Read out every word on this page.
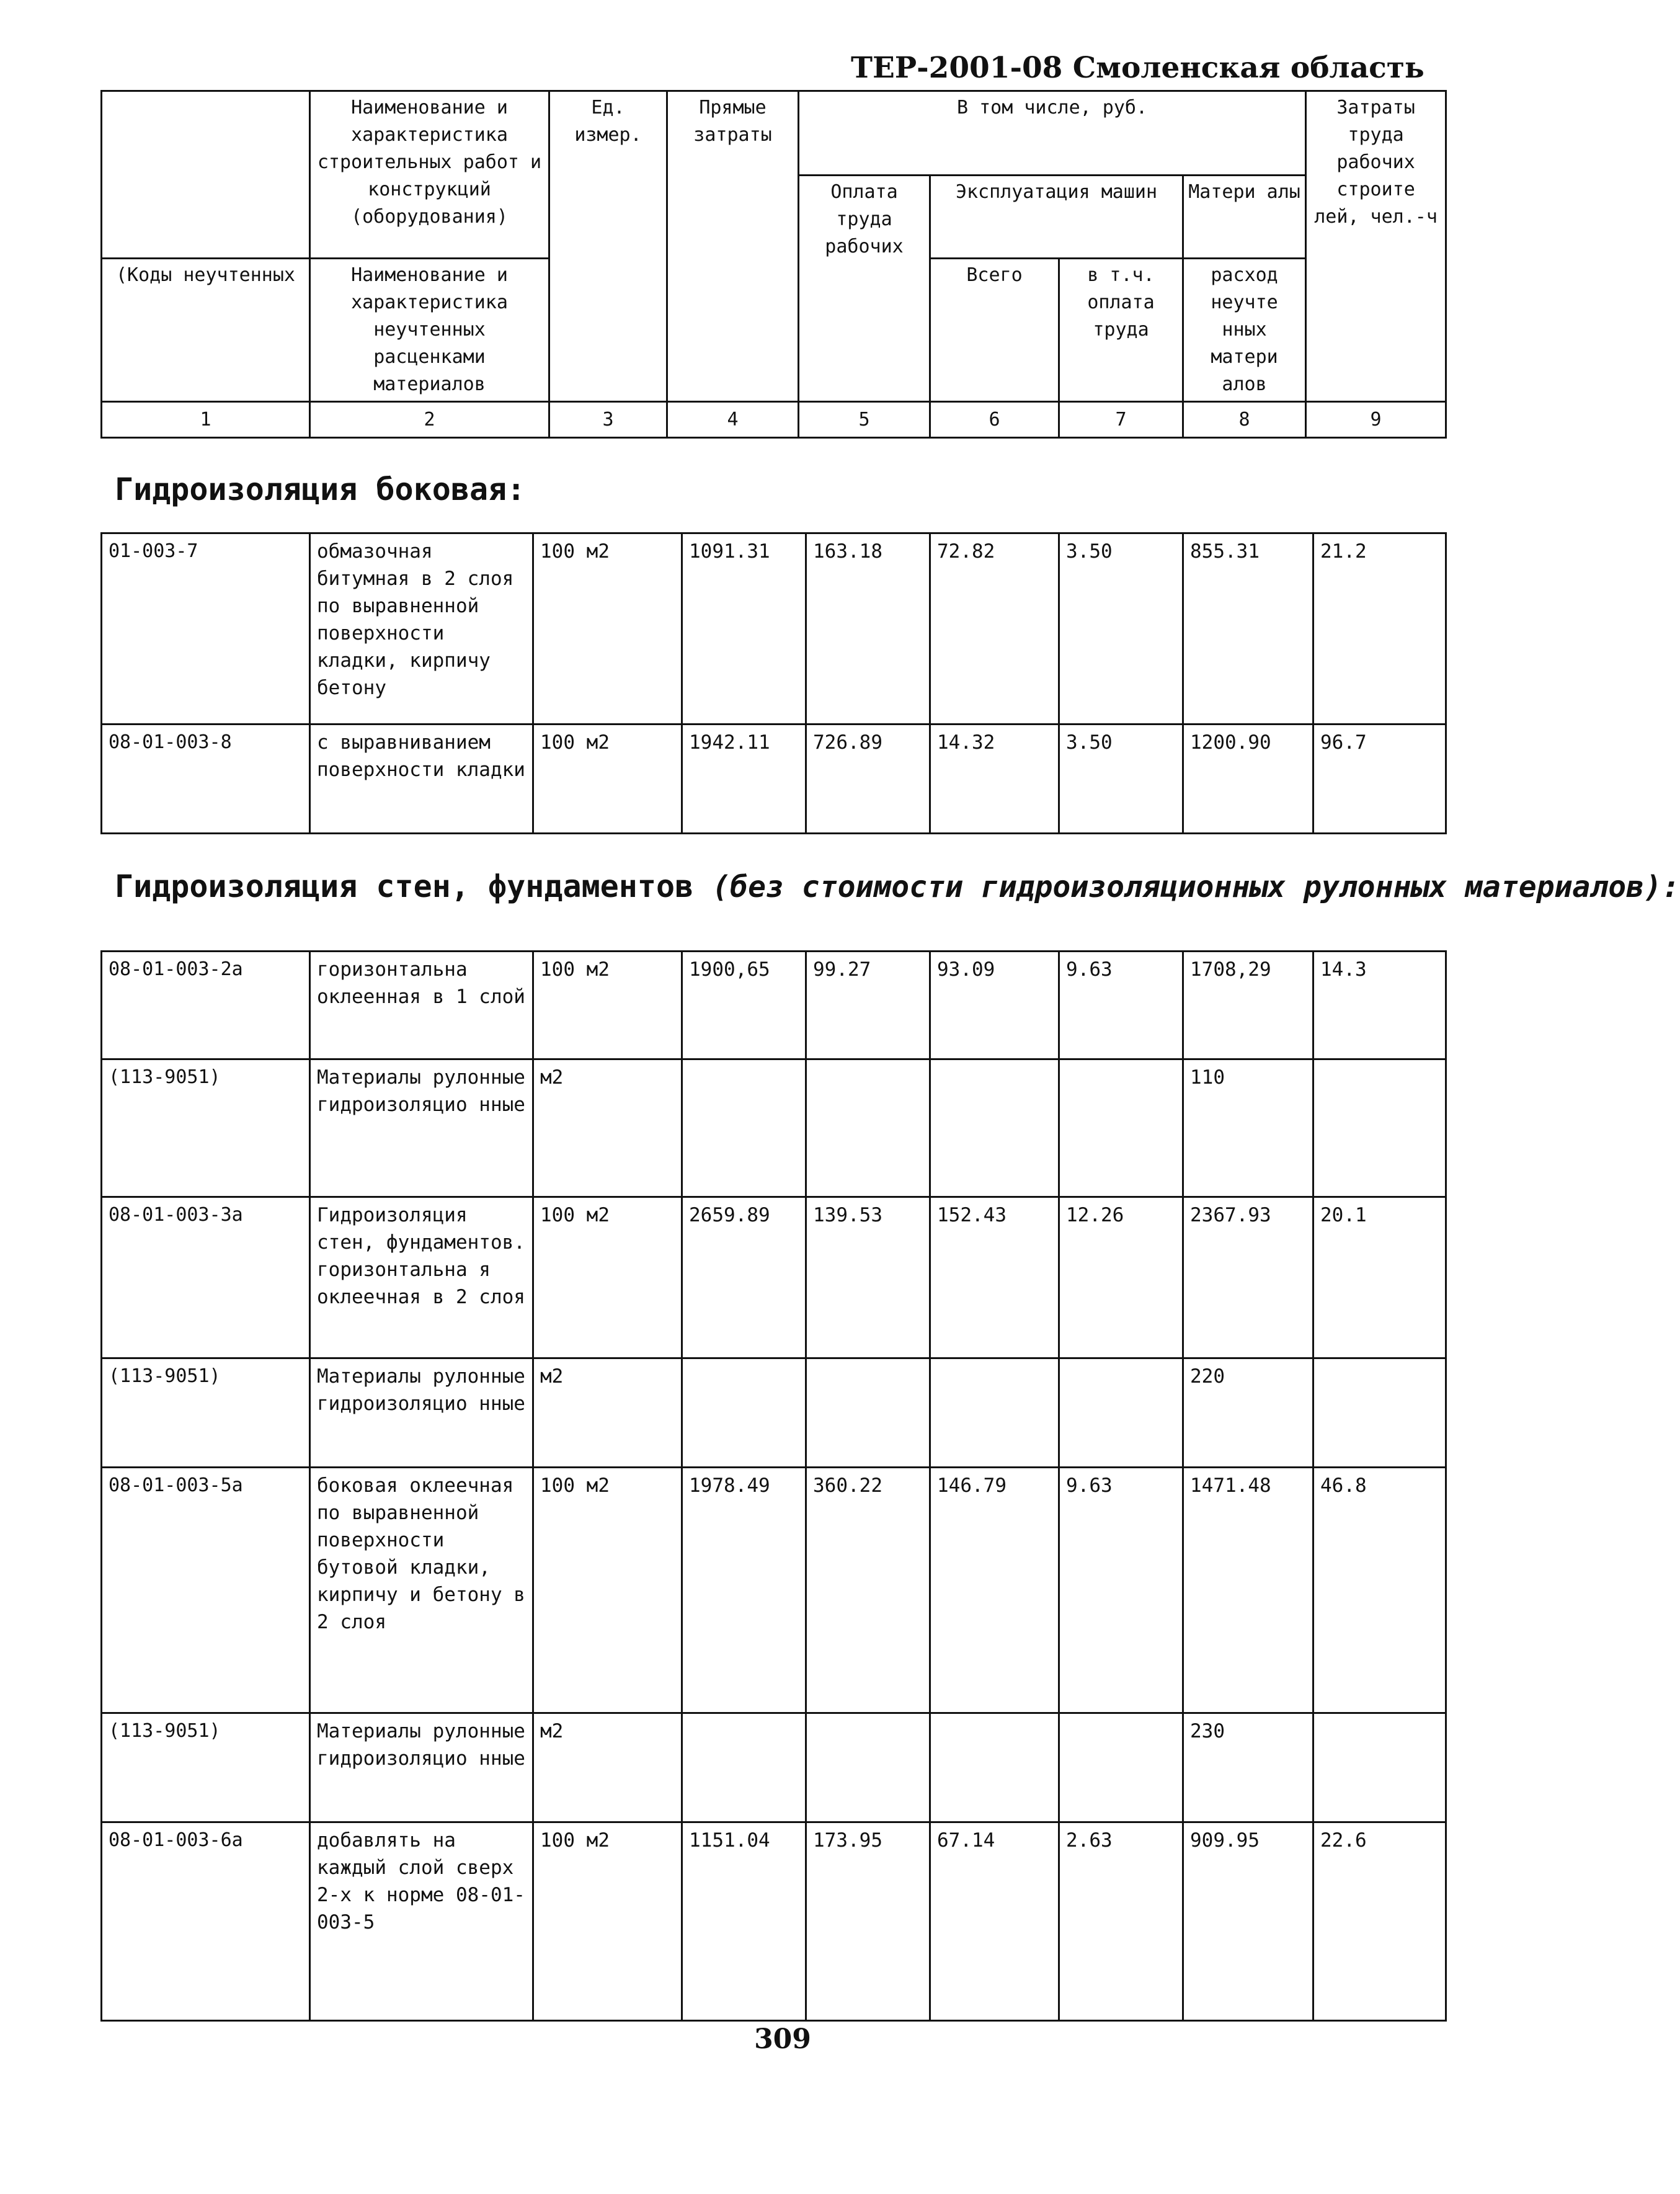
ТЕР-2001-08 Смоленская область
	Наименование и характеристика строительных работ и конструкций (оборудования)	Ед. измер.	Прямые затраты	В том числе, руб.				Затраты труда рабочих строите лей, чел.-ч
				Оплата труда рабочих	Эксплуатация машин		Матери алы	
(Коды неучтенных	Наименование и характеристика неучтенных расценками материалов				Всего	в т.ч. оплата труда	расход неучте нных матери алов	
1	2	3	4	5	6	7	8	9
Гидроизоляция боковая:
01-003-7	обмазочная битумная в 2 слоя по выравненной поверхности кладки, кирпичу бетону	100 м2	1091.31	163.18	72.82	3.50	855.31	21.2
08-01-003-8	с выравниванием поверхности кладки	100 м2	1942.11	726.89	14.32	3.50	1200.90	96.7
Гидроизоляция стен, фундаментов (без стоимости гидроизоляционных рулонных материалов):
08-01-003-2а	горизонтальна оклеенная в 1 слой	100 м2	1900,65	99.27	93.09	9.63	1708,29	14.3
(113-9051)	Материалы рулонные гидроизоляцио нные	м2					110	
08-01-003-3а	Гидроизоляция стен, фундаментов. горизонтальна я оклеечная в 2 слоя	100 м2	2659.89	139.53	152.43	12.26	2367.93	20.1
(113-9051)	Материалы рулонные гидроизоляцио нные	м2					220	
08-01-003-5а	боковая оклеечная по выравненной поверхности бутовой кладки, кирпичу и бетону в 2 слоя	100 м2	1978.49	360.22	146.79	9.63	1471.48	46.8
(113-9051)	Материалы рулонные гидроизоляцио нные	м2					230	
08-01-003-6а	добавлять на каждый слой сверх 2-х к норме 08-01-003-5	100 м2	1151.04	173.95	67.14	2.63	909.95	22.6
309
